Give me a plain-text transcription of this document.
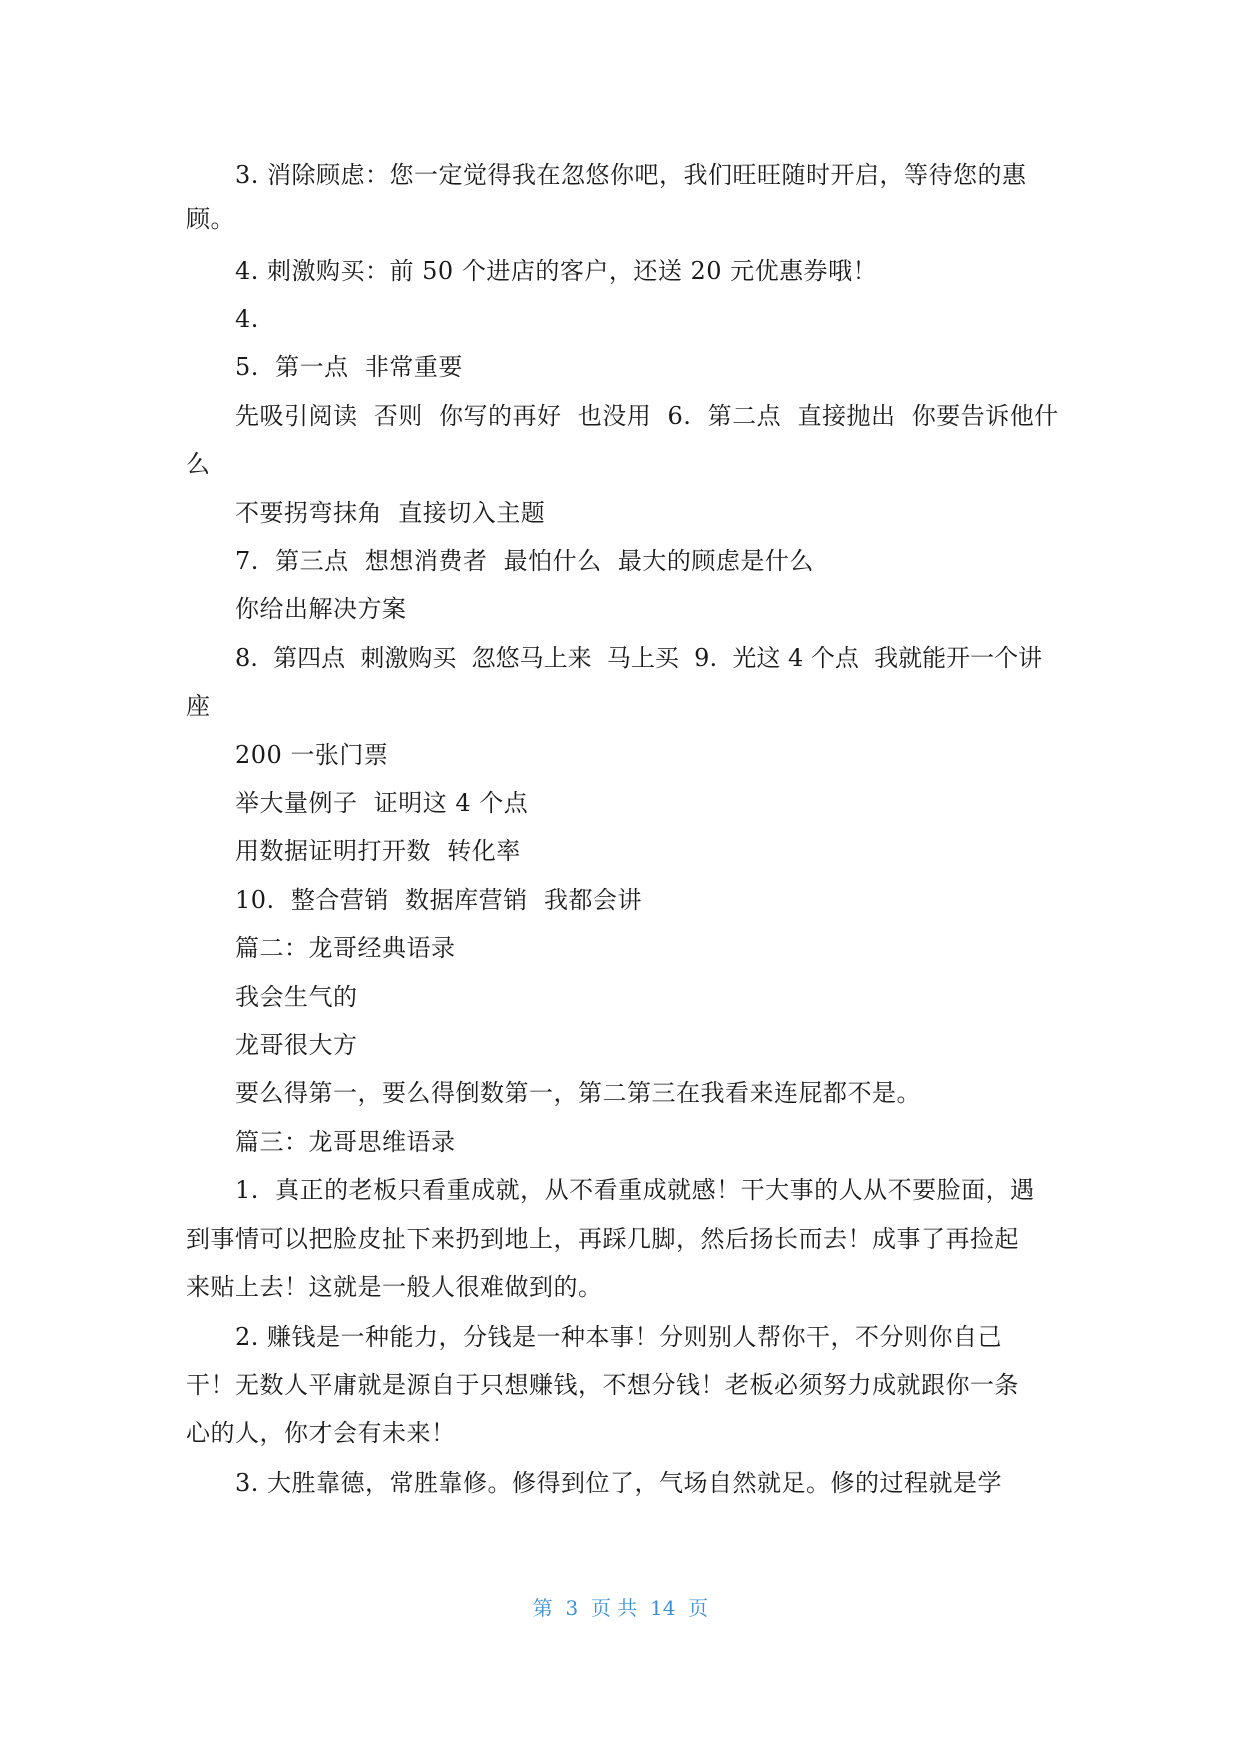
3. 消除顾虑：您一定觉得我在忽悠你吧，我们旺旺随时开启，等待您的惠
顾。
4. 刺激购买：前 50 个进店的客户，还送 20 元优惠券哦！
4.
5.  第一点  非常重要
先吸引阅读  否则  你写的再好  也没用  6.  第二点  直接抛出  你要告诉他什
么
不要拐弯抹角  直接切入主题
7.  第三点  想想消费者  最怕什么  最大的顾虑是什么
你给出解决方案
8.  第四点  刺激购买  忽悠马上来  马上买  9.  光这 4 个点  我就能开一个讲
座
200 一张门票
举大量例子  证明这 4 个点
用数据证明打开数  转化率
10.  整合营销  数据库营销  我都会讲
篇二：龙哥经典语录
我会生气的
龙哥很大方
要么得第一，要么得倒数第一，第二第三在我看来连屁都不是。
篇三：龙哥思维语录
1.  真正的老板只看重成就，从不看重成就感！干大事的人从不要脸面，遇
到事情可以把脸皮扯下来扔到地上，再踩几脚，然后扬长而去！成事了再捡起
来贴上去！这就是一般人很难做到的。
2. 赚钱是一种能力，分钱是一种本事！分则别人帮你干，不分则你自己
干！无数人平庸就是源自于只想赚钱，不想分钱！老板必须努力成就跟你一条
心的人，你才会有未来！
3. 大胜靠德，常胜靠修。修得到位了，气场自然就足。修的过程就是学
第  3  页 共  14  页
